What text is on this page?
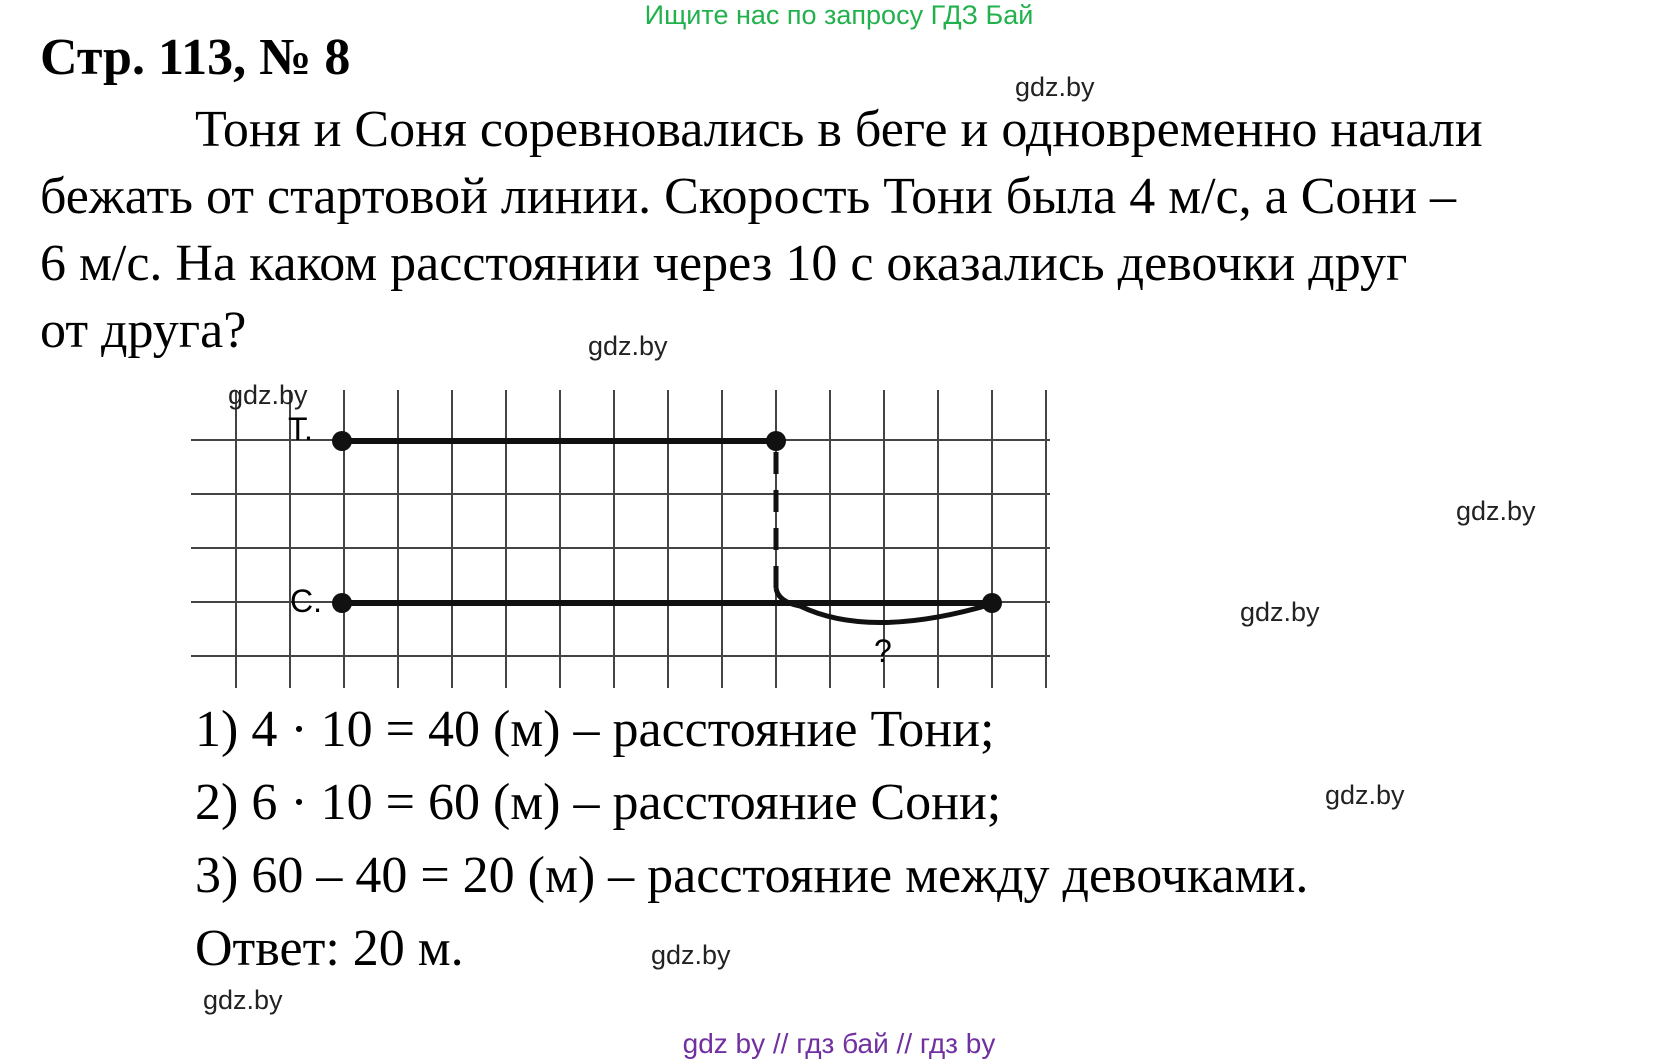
Ищите нас по запросу ГДЗ Бай
Стр. 113, № 8
Тоня и Соня соревновались в беге и одновременно начали
бежать от стартовой линии. Скорость Тони была 4 м/с, а Сони –
6 м/с. На каком расстоянии через 10 с оказались девочки друг
от друга?
Т.
С.
?
1) 4 · 10 = 40 (м) – расстояние Тони;
2) 6 · 10 = 60 (м) – расстояние Сони;
3) 60 – 40 = 20 (м) – расстояние между девочками.
Ответ: 20 м.
gdz.by
gdz.by
gdz.by
gdz.by
gdz.by
gdz.by
gdz.by
gdz.by
gdz by // гдз бай // гдз by
